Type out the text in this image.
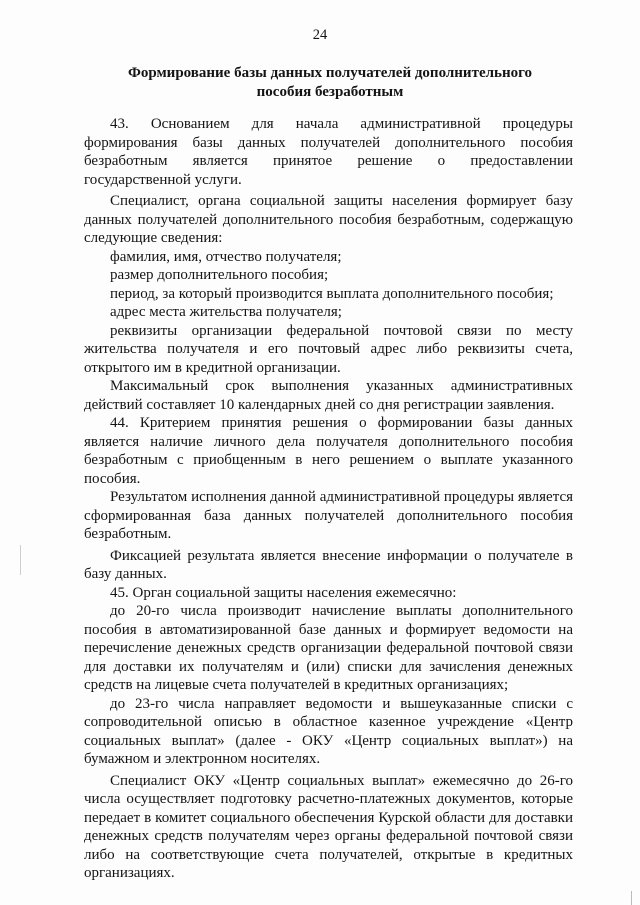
24
Формирование базы данных получателей дополнительного
пособия безработным

43. Основанием для начала административной процедуры формирования базы данных получателей дополнительного пособия безработным является принятое решение о предоставлении государственной услуги.

Специалист, органа социальной защиты населения формирует базу данных получателей дополнительного пособия безработным, содержащую следующие сведения:

фамилия, имя, отчество получателя;

размер дополнительного пособия;

период, за который производится выплата дополнительного пособия;

адрес места жительства получателя;

реквизиты организации федеральной почтовой связи по месту жительства получателя и его почтовый адрес либо реквизиты счета, открытого им в кредитной организации.

Максимальный срок выполнения указанных административных действий составляет 10 календарных дней со дня регистрации заявления.

44. Критерием принятия решения о формировании базы данных является наличие личного дела получателя дополнительного пособия безработным с приобщенным в него решением о выплате указанного пособия.

Результатом исполнения данной административной процедуры является сформированная база данных получателей дополнительного пособия безработным.

Фиксацией результата является внесение информации о получателе в базу данных.

45. Орган социальной защиты населения ежемесячно:

до 20-го числа производит начисление выплаты дополнительного пособия в автоматизированной базе данных и формирует ведомости на перечисление денежных средств организации федеральной почтовой связи для доставки их получателям и (или) списки для зачисления денежных средств на лицевые счета получателей в кредитных организациях;

до 23-го числа направляет ведомости и вышеуказанные списки с сопроводительной описью в областное казенное учреждение «Центр социальных выплат» (далее - ОКУ «Центр социальных выплат») на бумажном и электронном носителях.

Специалист ОКУ «Центр социальных выплат» ежемесячно до 26-го числа осуществляет подготовку расчетно-платежных документов, которые передает в комитет социального обеспечения Курской области для доставки денежных средств получателям через органы федеральной почтовой связи либо на соответствующие счета получателей, открытые в кредитных организациях.
